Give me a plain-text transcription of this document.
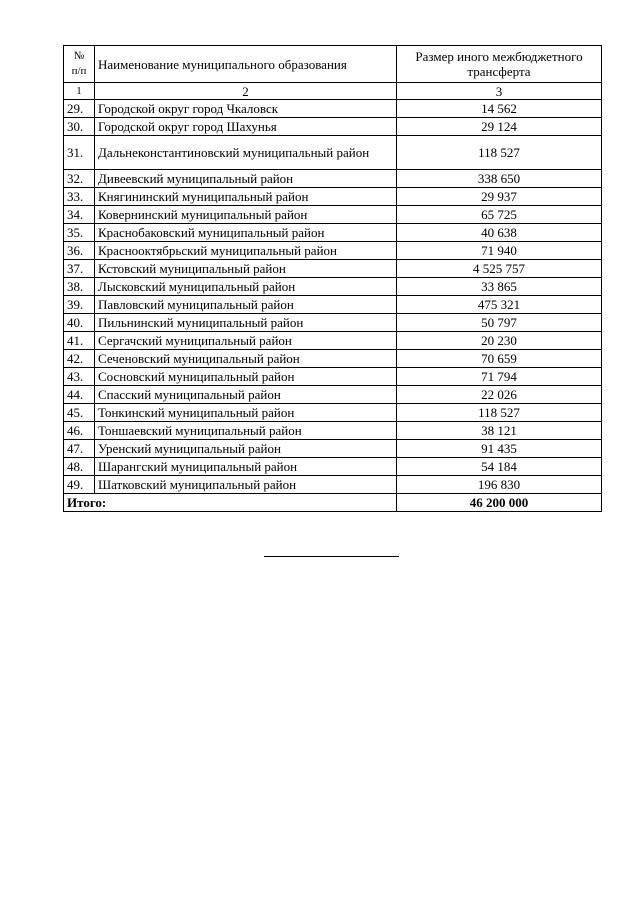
№
п/п	Наименование муниципального образования	Размер иного межбюджетного трансферта
1	2	3
29.	Городской округ город Чкаловск	14 562
30.	Городской округ город Шахунья	29 124
31.	Дальнеконстантиновский муниципальный район	118 527
32.	Дивеевский муниципальный район	338 650
33.	Княгининский муниципальный район	29 937
34.	Ковернинский муниципальный район	65 725
35.	Краснобаковский муниципальный район	40 638
36.	Краснооктябрьский муниципальный район	71 940
37.	Кстовский муниципальный район	4 525 757
38.	Лысковский муниципальный район	33 865
39.	Павловский муниципальный район	475 321
40.	Пильнинский муниципальный район	50 797
41.	Сергачский муниципальный район	20 230
42.	Сеченовский муниципальный район	70 659
43.	Сосновский муниципальный район	71 794
44.	Спасский муниципальный район	22 026
45.	Тонкинский муниципальный район	118 527
46.	Тоншаевский муниципальный район	38 121
47.	Уренский муниципальный район	91 435
48.	Шарангский муниципальный район	54 184
49.	Шатковский муниципальный район	196 830
Итого:		46 200 000
